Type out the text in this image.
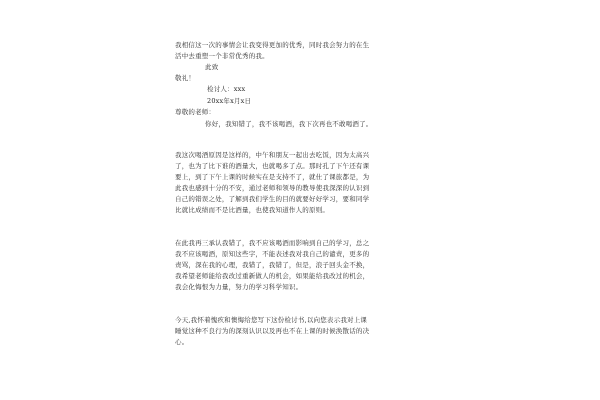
我相信这一次的事情会让我变得更加的优秀，同时我会努力的在生
活中去重塑一个非常优秀的我。
此致
敬礼！
检讨人：xxx
20xx年x月x日
尊敬的老师：
你好，我知错了，我不该喝酒，我下次再也不敢喝酒了。
我这次喝酒原因是这样的，中午和朋友一起出去吃饭，因为太高兴
了，也为了比下谁的酒量大，也就喝多了点。那时孔了下午还有课
要上，到了下午上课的时候实在是支持不了，就仕了课旅都是，为
此我也感到十分的不安，通过老师和领导的教导使我深深的认识到
自己的错误之处，了解到我们学生的目的就要好好学习，要和同学
比就比成绩而不是比酒量，也使我知道作人的原则。
在此我再三承认我错了，我不应该喝酒而影响到自己的学习，总之
我不应该喝酒，原知这些字，不能表述我对我自己的谴责，更多的
责骂，深在我的心理，我错了，我错了，但是，浪子回头金不换，
我希望老师能给我改过重新做人的机会，如果能给我改过的机会，
我会化悔恨为力量，努力的学习科学知识。
今天,我怀着愧疚和懊悔给您写下这份检讨书,以向您表示我对上课
睡觉这种不良行为的深刻认识以及再也不在上课的时候涣散话的决
心。
